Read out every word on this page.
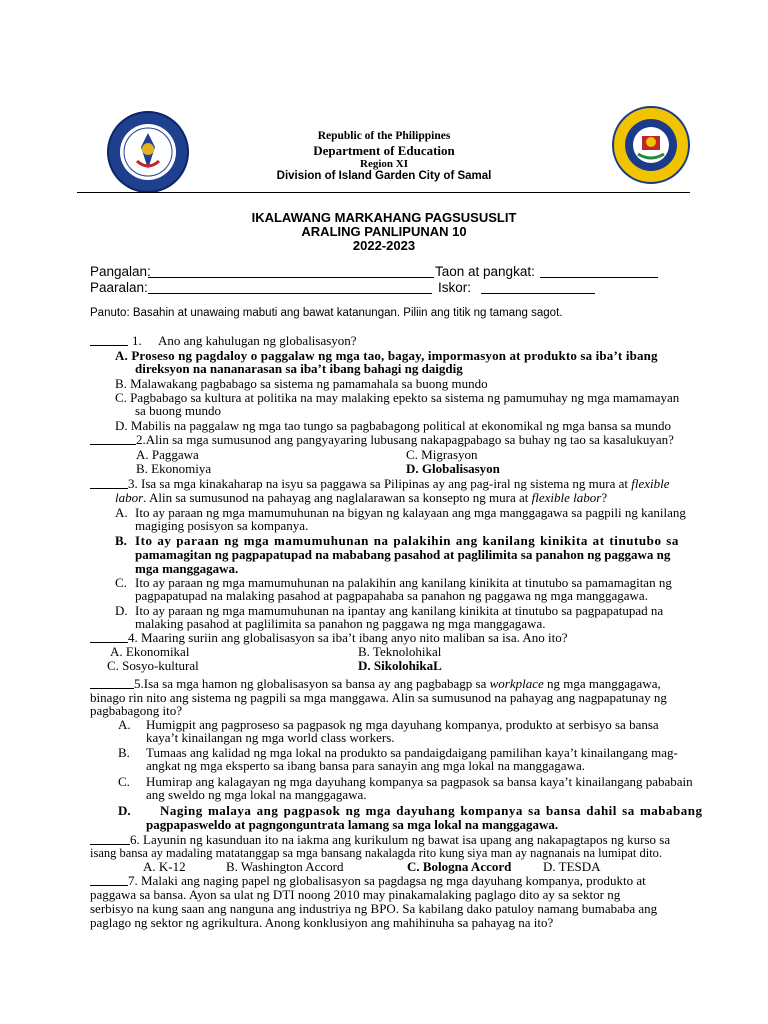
Republic of the Philippines
Department of Education
Region XI
Division of Island Garden City of Samal
IKALAWANG MARKAHANG PAGSUSUSLIT
ARALING PANLIPUNAN 10
2022-2023
Pangalan:	Taon at pangkat:
Paaralan:	Iskor:
Panuto: Basahin at unawaing mabuti ang bawat katanungan. Piliin ang titik ng tamang sagot.
1. Ano ang kahulugan ng globalisasyon?
A. Proseso ng pagdaloy o paggalaw ng mga tao, bagay, impormasyon at produkto sa iba’t ibang
direksyon na nananarasan sa iba’t ibang bahagi ng daigdig
B. Malawakang pagbabago sa sistema ng pamamahala sa buong mundo
C. Pagbabago sa kultura at politika na may malaking epekto sa sistema ng pamumuhay ng mga mamamayan
sa buong mundo
D. Mabilis na paggalaw ng mga tao tungo sa pagbabagong political at ekonomikal ng mga bansa sa mundo
2.Alin sa mga sumusunod ang pangyayaring lubusang nakapagpabago sa buhay ng tao sa kasalukuyan?
A. Paggawa	C. Migrasyon
B. Ekonomiya	D. Globalisasyon
3. Isa sa mga kinakaharap na isyu sa paggawa sa Pilipinas ay ang pag-iral ng sistema ng mura at flexible
labor. Alin sa sumusunod na pahayag ang naglalarawan sa konsepto ng mura at flexible labor?
A. Ito ay paraan ng mga mamumuhunan na bigyan ng kalayaan ang mga manggagawa sa pagpili ng kanilang
magiging posisyon sa kompanya.
B. Ito ay paraan ng mga mamumuhunan na palakihin ang kanilang kinikita at tinutubo sa
pamamagitan ng pagpapatupad na mababang pasahod at paglilimita sa panahon ng paggawa ng
mga manggagawa.
C. Ito ay paraan ng mga mamumuhunan na palakihin ang kanilang kinikita at tinutubo sa pamamagitan ng
pagpapatupad na malaking pasahod at pagpapahaba sa panahon ng paggawa ng mga manggagawa.
D. Ito ay paraan ng mga mamumuhunan na ipantay ang kanilang kinikita at tinutubo sa pagpapatupad na
malaking pasahod at paglilimita sa panahon ng paggawa ng mga manggagawa.
4. Maaring suriin ang globalisasyon sa iba’t ibang anyo nito maliban sa isa. Ano ito?
A. Ekonomikal	B. Teknolohikal
C. Sosyo-kultural	D. SikolohikaL
5.Isa sa mga hamon ng globalisasyon sa bansa ay ang pagbabagp sa workplace ng mga manggagawa,
binago rin nito ang sistema ng pagpili sa mga manggawa. Alin sa sumusunod na pahayag ang nagpapatunay ng
pagbabagong ito?
A. Humigpit ang pagproseso sa pagpasok ng mga dayuhang kompanya, produkto at serbisyo sa bansa
kaya’t kinailangan ng mga world class workers.
B. Tumaas ang kalidad ng mga lokal na produkto sa pandaigdaigang pamilihan kaya’t kinailangang mag-
angkat ng mga eksperto sa ibang bansa para sanayin ang mga lokal na manggagawa.
C. Humirap ang kalagayan ng mga dayuhang kompanya sa pagpasok sa bansa kaya’t kinailangang pababain
ang sweldo ng mga lokal na manggagawa.
D. Naging malaya ang pagpasok ng mga dayuhang kompanya sa bansa dahil sa mababang
pagpapasweldo at pagngonguntrata lamang sa mga lokal na manggagawa.
6. Layunin ng kasunduan ito na iakma ang kurikulum ng bawat isa upang ang nakapagtapos ng kurso sa
isang bansa ay madaling matatanggap sa mga bansang nakalagda rito kung siya man ay nagnanais na lumipat dito.
A. K-12	B. Washington Accord	C. Bologna Accord D. TESDA
7. Malaki ang naging papel ng globalisasyon sa pagdagsa ng mga dayuhang kompanya, produkto at
paggawa sa bansa. Ayon sa ulat ng DTI noong 2010 may pinakamalaking paglago dito ay sa sektor ng
serbisyo na kung saan ang nanguna ang industriya ng BPO. Sa kabilang dako patuloy namang bumababa ang
paglago ng sektor ng agrikultura. Anong konklusiyon ang mahihinuha sa pahayag na ito?
